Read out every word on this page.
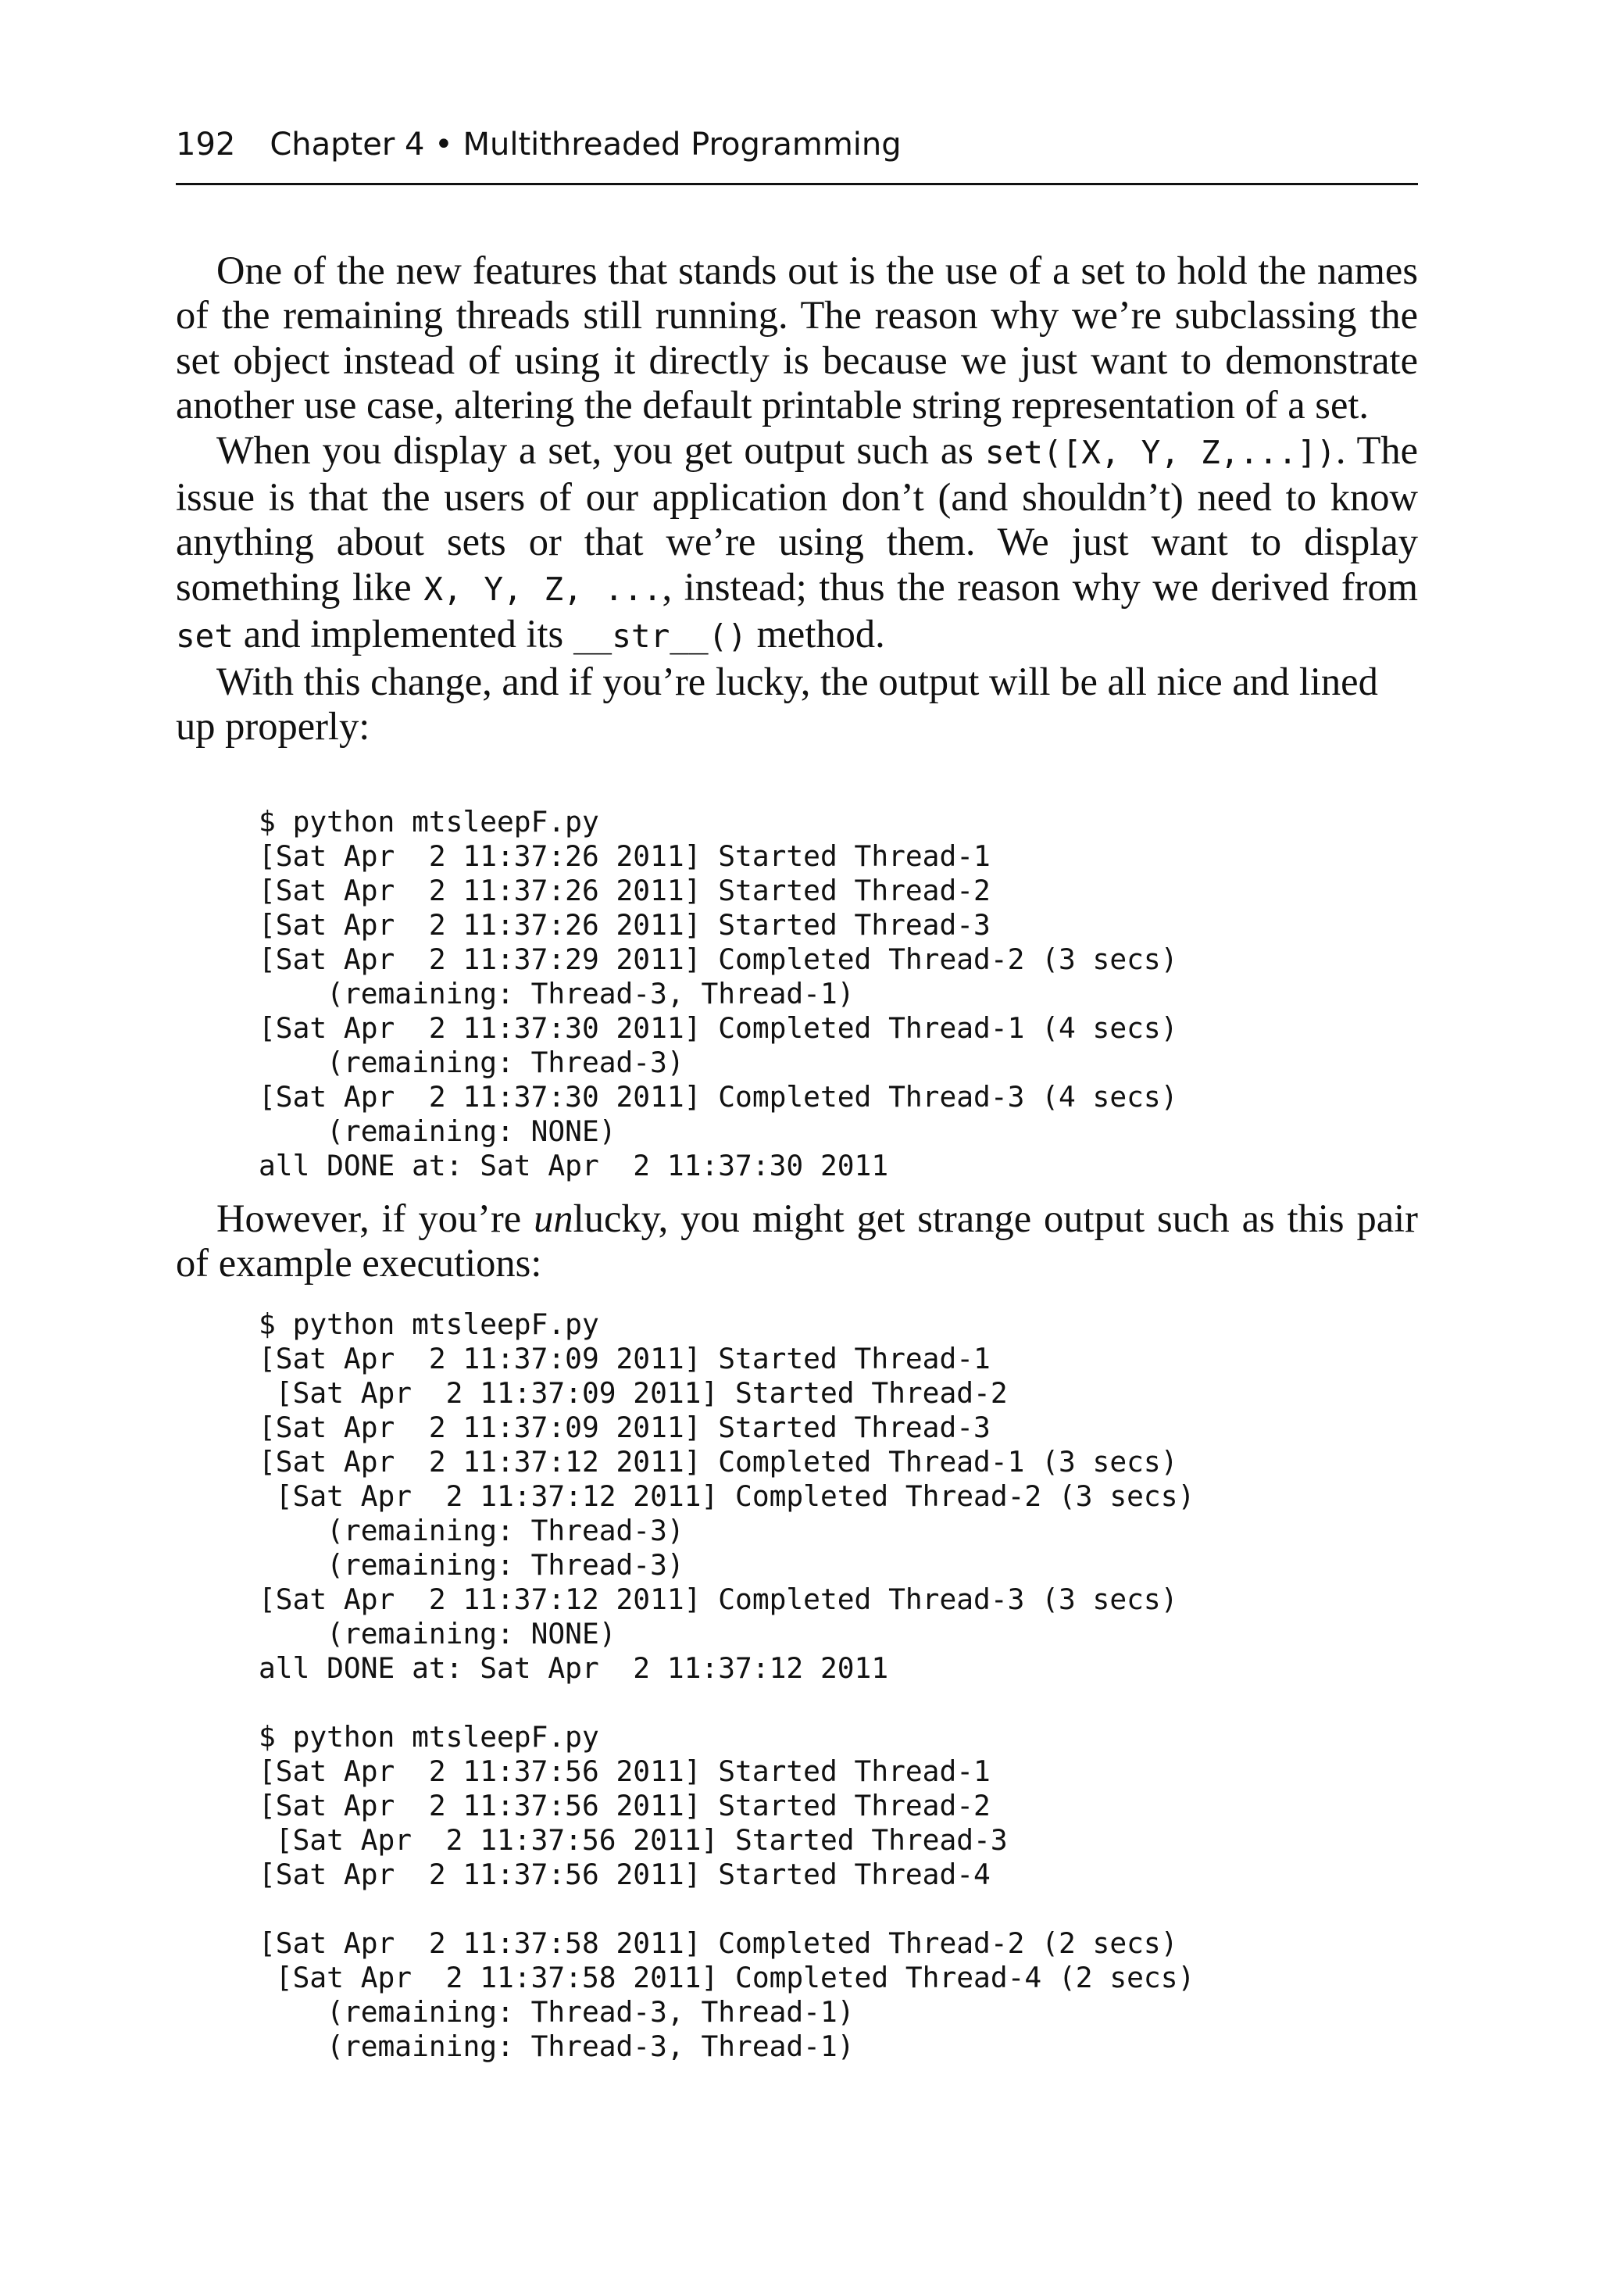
192 Chapter 4 • Multithreaded Programming

One of the new features that stands out is the use of a set to hold the names of the remaining threads still running. The reason why we’re subclassing the set object instead of using it directly is because we just want to demonstrate another use case, altering the default printable string representation of a set.

When you display a set, you get output such as set([X, Y, Z,...]). The issue is that the users of our application don’t (and shouldn’t) need to know anything about sets or that we’re using them. We just want to display something like X, Y, Z, ..., instead; thus the reason why we derived from set and implemented its __str__() method.

With this change, and if you’re lucky, the output will be all nice and lined up properly:

$ python mtsleepF.py
[Sat Apr  2 11:37:26 2011] Started Thread-1
[Sat Apr  2 11:37:26 2011] Started Thread-2
[Sat Apr  2 11:37:26 2011] Started Thread-3
[Sat Apr  2 11:37:29 2011] Completed Thread-2 (3 secs)
(remaining: Thread-3, Thread-1)
[Sat Apr  2 11:37:30 2011] Completed Thread-1 (4 secs)
(remaining: Thread-3)
[Sat Apr  2 11:37:30 2011] Completed Thread-3 (4 secs)
(remaining: NONE)
all DONE at: Sat Apr  2 11:37:30 2011

However, if you’re unlucky, you might get strange output such as this pair of example executions:

$ python mtsleepF.py
[Sat Apr  2 11:37:09 2011] Started Thread-1
[Sat Apr  2 11:37:09 2011] Started Thread-2
[Sat Apr  2 11:37:09 2011] Started Thread-3
[Sat Apr  2 11:37:12 2011] Completed Thread-1 (3 secs)
[Sat Apr  2 11:37:12 2011] Completed Thread-2 (3 secs)
(remaining: Thread-3)
(remaining: Thread-3)
[Sat Apr  2 11:37:12 2011] Completed Thread-3 (3 secs)
(remaining: NONE)
all DONE at: Sat Apr  2 11:37:12 2011

$ python mtsleepF.py
[Sat Apr  2 11:37:56 2011] Started Thread-1
[Sat Apr  2 11:37:56 2011] Started Thread-2
[Sat Apr  2 11:37:56 2011] Started Thread-3
[Sat Apr  2 11:37:56 2011] Started Thread-4

[Sat Apr  2 11:37:58 2011] Completed Thread-2 (2 secs)
[Sat Apr  2 11:37:58 2011] Completed Thread-4 (2 secs)
(remaining: Thread-3, Thread-1)
(remaining: Thread-3, Thread-1)
